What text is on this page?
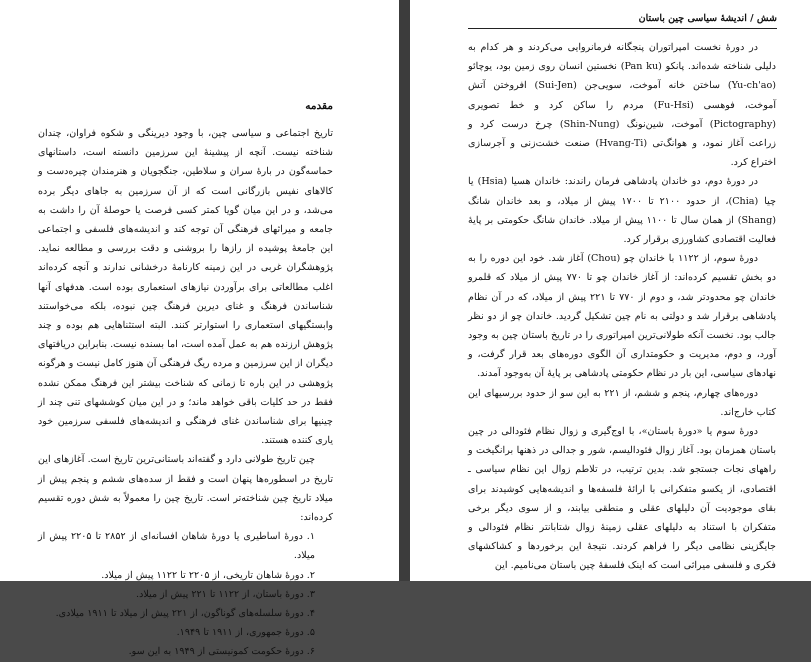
مقدمه

تاریخ اجتماعی و سیاسی چین، با وجود دیرینگی و شکوه فراوان، چندان شناخته نیست. آنچه از پیشینهٔ این سرزمین دانسته است، داستانهای حماسه‌گون در بارهٔ سران و سلاطین، جنگجویان و هنرمندان چیره‌دست و کالاهای نفیس بازرگانی است که از آن سرزمین به جاهای دیگر برده می‌شد، و در این میان گویا کمتر کسی فرصت یا حوصلهٔ آن را داشت به جامعه و میراثهای فرهنگی آن توجه کند و اندیشه‌های فلسفی و اجتماعی این جامعهٔ پوشیده از رازها را بروشنی و دقت بررسی و مطالعه نماید. پژوهشگران غربی در این زمینه کارنامهٔ درخشانی ندارند و آنچه کرده‌اند اغلب مطالعاتی برای برآوردن نیازهای استعماری بوده است. هدفهای آنها شناساندن فرهنگ و غنای دیرین فرهنگ چین نبوده، بلکه می‌خواستند وابستگیهای استعماری را استوارتر کنند. البته استثناهایی هم بوده و چند پژوهش ارزنده هم به عمل آمده است، اما بسنده نیست. بنابراین دریافتهای دیگران از این سرزمین و مرده ریگ فرهنگی آن هنوز کامل نیست و هرگونه پژوهشی در این باره تا زمانی که شناخت بیشتر این فرهنگ ممکن نشده فقط در حد کلیات باقی خواهد ماند؛ و در این میان کوششهای تنی چند از چینیها برای شناساندن غنای فرهنگی و اندیشه‌های فلسفی سرزمین خود یاری کننده هستند.

چین تاریخ طولانی دارد و گفته‌اند باستانی‌ترین تاریخ است. آغازهای این تاریخ در اسطوره‌ها پنهان است و فقط از سده‌های ششم و پنجم پیش از میلاد تاریخ چین شناخته‌تر است. تاریخ چین را معمولاً به شش دوره تقسیم کرده‌اند:

۱. دورهٔ اساطیری یا دورهٔ شاهان افسانه‌ای از ۲۸۵۲ تا ۲۲۰۵ پیش از میلاد.
۲. دورهٔ شاهان تاریخی، از ۲۲۰۵ تا ۱۱۲۲ پیش از میلاد.
۳. دورهٔ باستان، از ۱۱۲۲ تا ۲۲۱ پیش از میلاد.
۴. دورهٔ سلسله‌های گوناگون، از ۲۲۱ پیش از میلاد تا ۱۹۱۱ میلادی.
۵. دورهٔ جمهوری، از ۱۹۱۱ تا ۱۹۴۹.
۶. دورهٔ حکومت کمونیستی از ۱۹۴۹ به این سو.
شش / اندیشهٔ سیاسی چین باستان

در دورهٔ نخست امپراتوران پنجگانه فرمانروایی می‌کردند و هر کدام به دلیلی شناخته شده‌اند. پانکو (Pan ku) نخستین انسان روی زمین بود، یوچائو (Yu-ch'ao) ساختن خانه آموخت، سویی‌جن (Sui-Jen) افروختن آتش آموخت، فوهسی (Fu-Hsi) مردم را ساکن کرد و خط تصویری (Pictography) آموخت، شین‌نونگ (Shin-Nung) چرخ درست کرد و زراعت آغاز نمود، و هوانگ‌تی (Hvang-Ti) صنعت خشت‌زنی و آجرسازی اختراع کرد.

در دورهٔ دوم، دو خاندان پادشاهی فرمان راندند: خاندان هسیا (Hsia) یا چیا (Chia)، از حدود ۲۱۰۰ تا ۱۷۰۰ پیش از میلاد، و بعد خاندان شانگ (Shang) از همان سال تا ۱۱۰۰ پیش از میلاد. خاندان شانگ حکومتی بر پایهٔ فعالیت اقتصادی کشاورزی برقرار کرد.

دورهٔ سوم، از ۱۱۲۲ با خاندان چو (Chou) آغاز شد. خود این دوره را به دو بخش تقسیم کرده‌اند: از آغاز خاندان چو تا ۷۷۰ پیش از میلاد که قلمرو خاندان چو محدودتر شد، و دوم از ۷۷۰ تا ۲۲۱ پیش از میلاد، که در آن نظام پادشاهی برقرار شد و دولتی به نام چین تشکیل گردید. خاندان چو از دو نظر جالب بود. نخست آنکه طولانی‌ترین امپراتوری را در تاریخ باستان چین به وجود آورد، و دوم، مدیریت و حکومتداری آن الگوی دوره‌های بعد قرار گرفت، و نهادهای سیاسی، این بار در نظام حکومتی پادشاهی بر پایهٔ آن به‌وجود آمدند.

دوره‌های چهارم، پنجم و ششم، از ۲۲۱ به این سو از حدود بررسیهای این کتاب خارج‌اند.

دورهٔ سوم یا «دورهٔ باستان»، با اوج‌گیری و زوال نظام فئودالی در چین باستان همزمان بود. آغاز زوال فئودالیسم، شور و جدالی در ذهنها برانگیخت و راههای نجات جستجو شد. بدین ترتیب، در تلاطم زوال این نظام سیاسی ـ اقتصادی، از یکسو متفکرانی با ارائهٔ فلسفه‌ها و اندیشه‌هایی کوشیدند برای بقای موجودیت آن دلیلهای عقلی و منطقی بیابند، و از سوی دیگر برخی متفکران با استناد به دلیلهای عقلی زمینهٔ زوال شتابانتر نظام فئودالی و جایگزینی نظامی دیگر را فراهم کردند. نتیجهٔ این برخوردها و کشاکشهای فکری و فلسفی میراثی است که اینک فلسفهٔ چین باستان می‌نامیم. این
